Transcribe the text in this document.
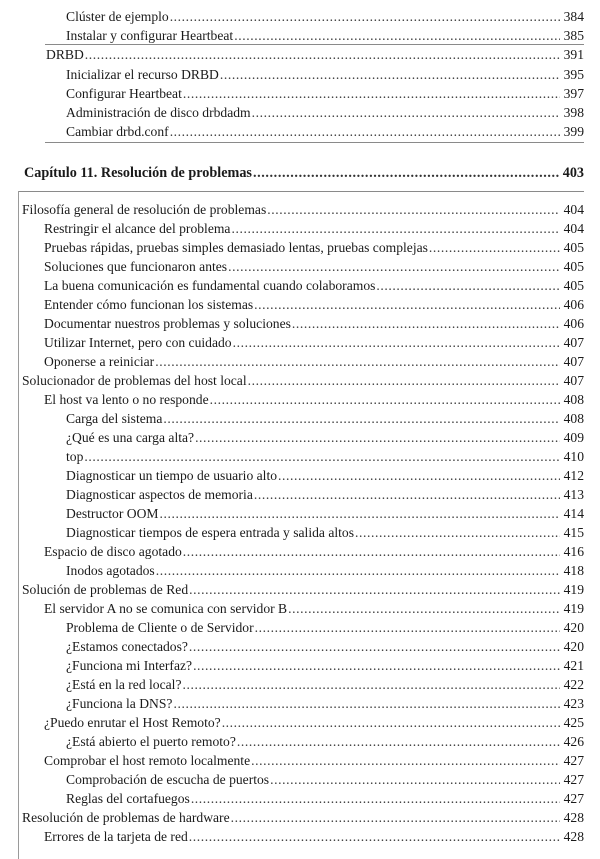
Clúster de ejemplo .....	384
Instalar y configurar Heartbeat .....	385
DRBD .....	391
Inicializar el recurso DRBD .....	395
Configurar Heartbeat .....	397
Administración de disco drbdadm .....	398
Cambiar drbd.conf .....	399
Capítulo 11. Resolución de problemas .....	403
Filosofía general de resolución de problemas .....	404
Restringir el alcance del problema .....	404
Pruebas rápidas, pruebas simples demasiado lentas, pruebas complejas .....	405
Soluciones que funcionaron antes .....	405
La buena comunicación es fundamental cuando colaboramos .....	405
Entender cómo funcionan los sistemas .....	406
Documentar nuestros problemas y soluciones .....	406
Utilizar Internet, pero con cuidado .....	407
Oponerse a reiniciar .....	407
Solucionador de problemas del host local .....	407
El host va lento o no responde .....	408
Carga del sistema .....	408
¿Qué es una carga alta? .....	409
top .....	410
Diagnosticar un tiempo de usuario alto .....	412
Diagnosticar aspectos de memoria .....	413
Destructor OOM .....	414
Diagnosticar tiempos de espera entrada y salida altos .....	415
Espacio de disco agotado .....	416
Inodos agotados .....	418
Solución de problemas de Red .....	419
El servidor A no se comunica con servidor B .....	419
Problema de Cliente o de Servidor .....	420
¿Estamos conectados? .....	420
¿Funciona mi Interfaz? .....	421
¿Está en la red local? .....	422
¿Funciona la DNS? .....	423
¿Puedo enrutar el Host Remoto? .....	425
¿Está abierto el puerto remoto? .....	426
Comprobar el host remoto localmente .....	427
Comprobación de escucha de puertos .....	427
Reglas del cortafuegos .....	427
Resolución de problemas de hardware .....	428
Errores de la tarjeta de red .....	428
